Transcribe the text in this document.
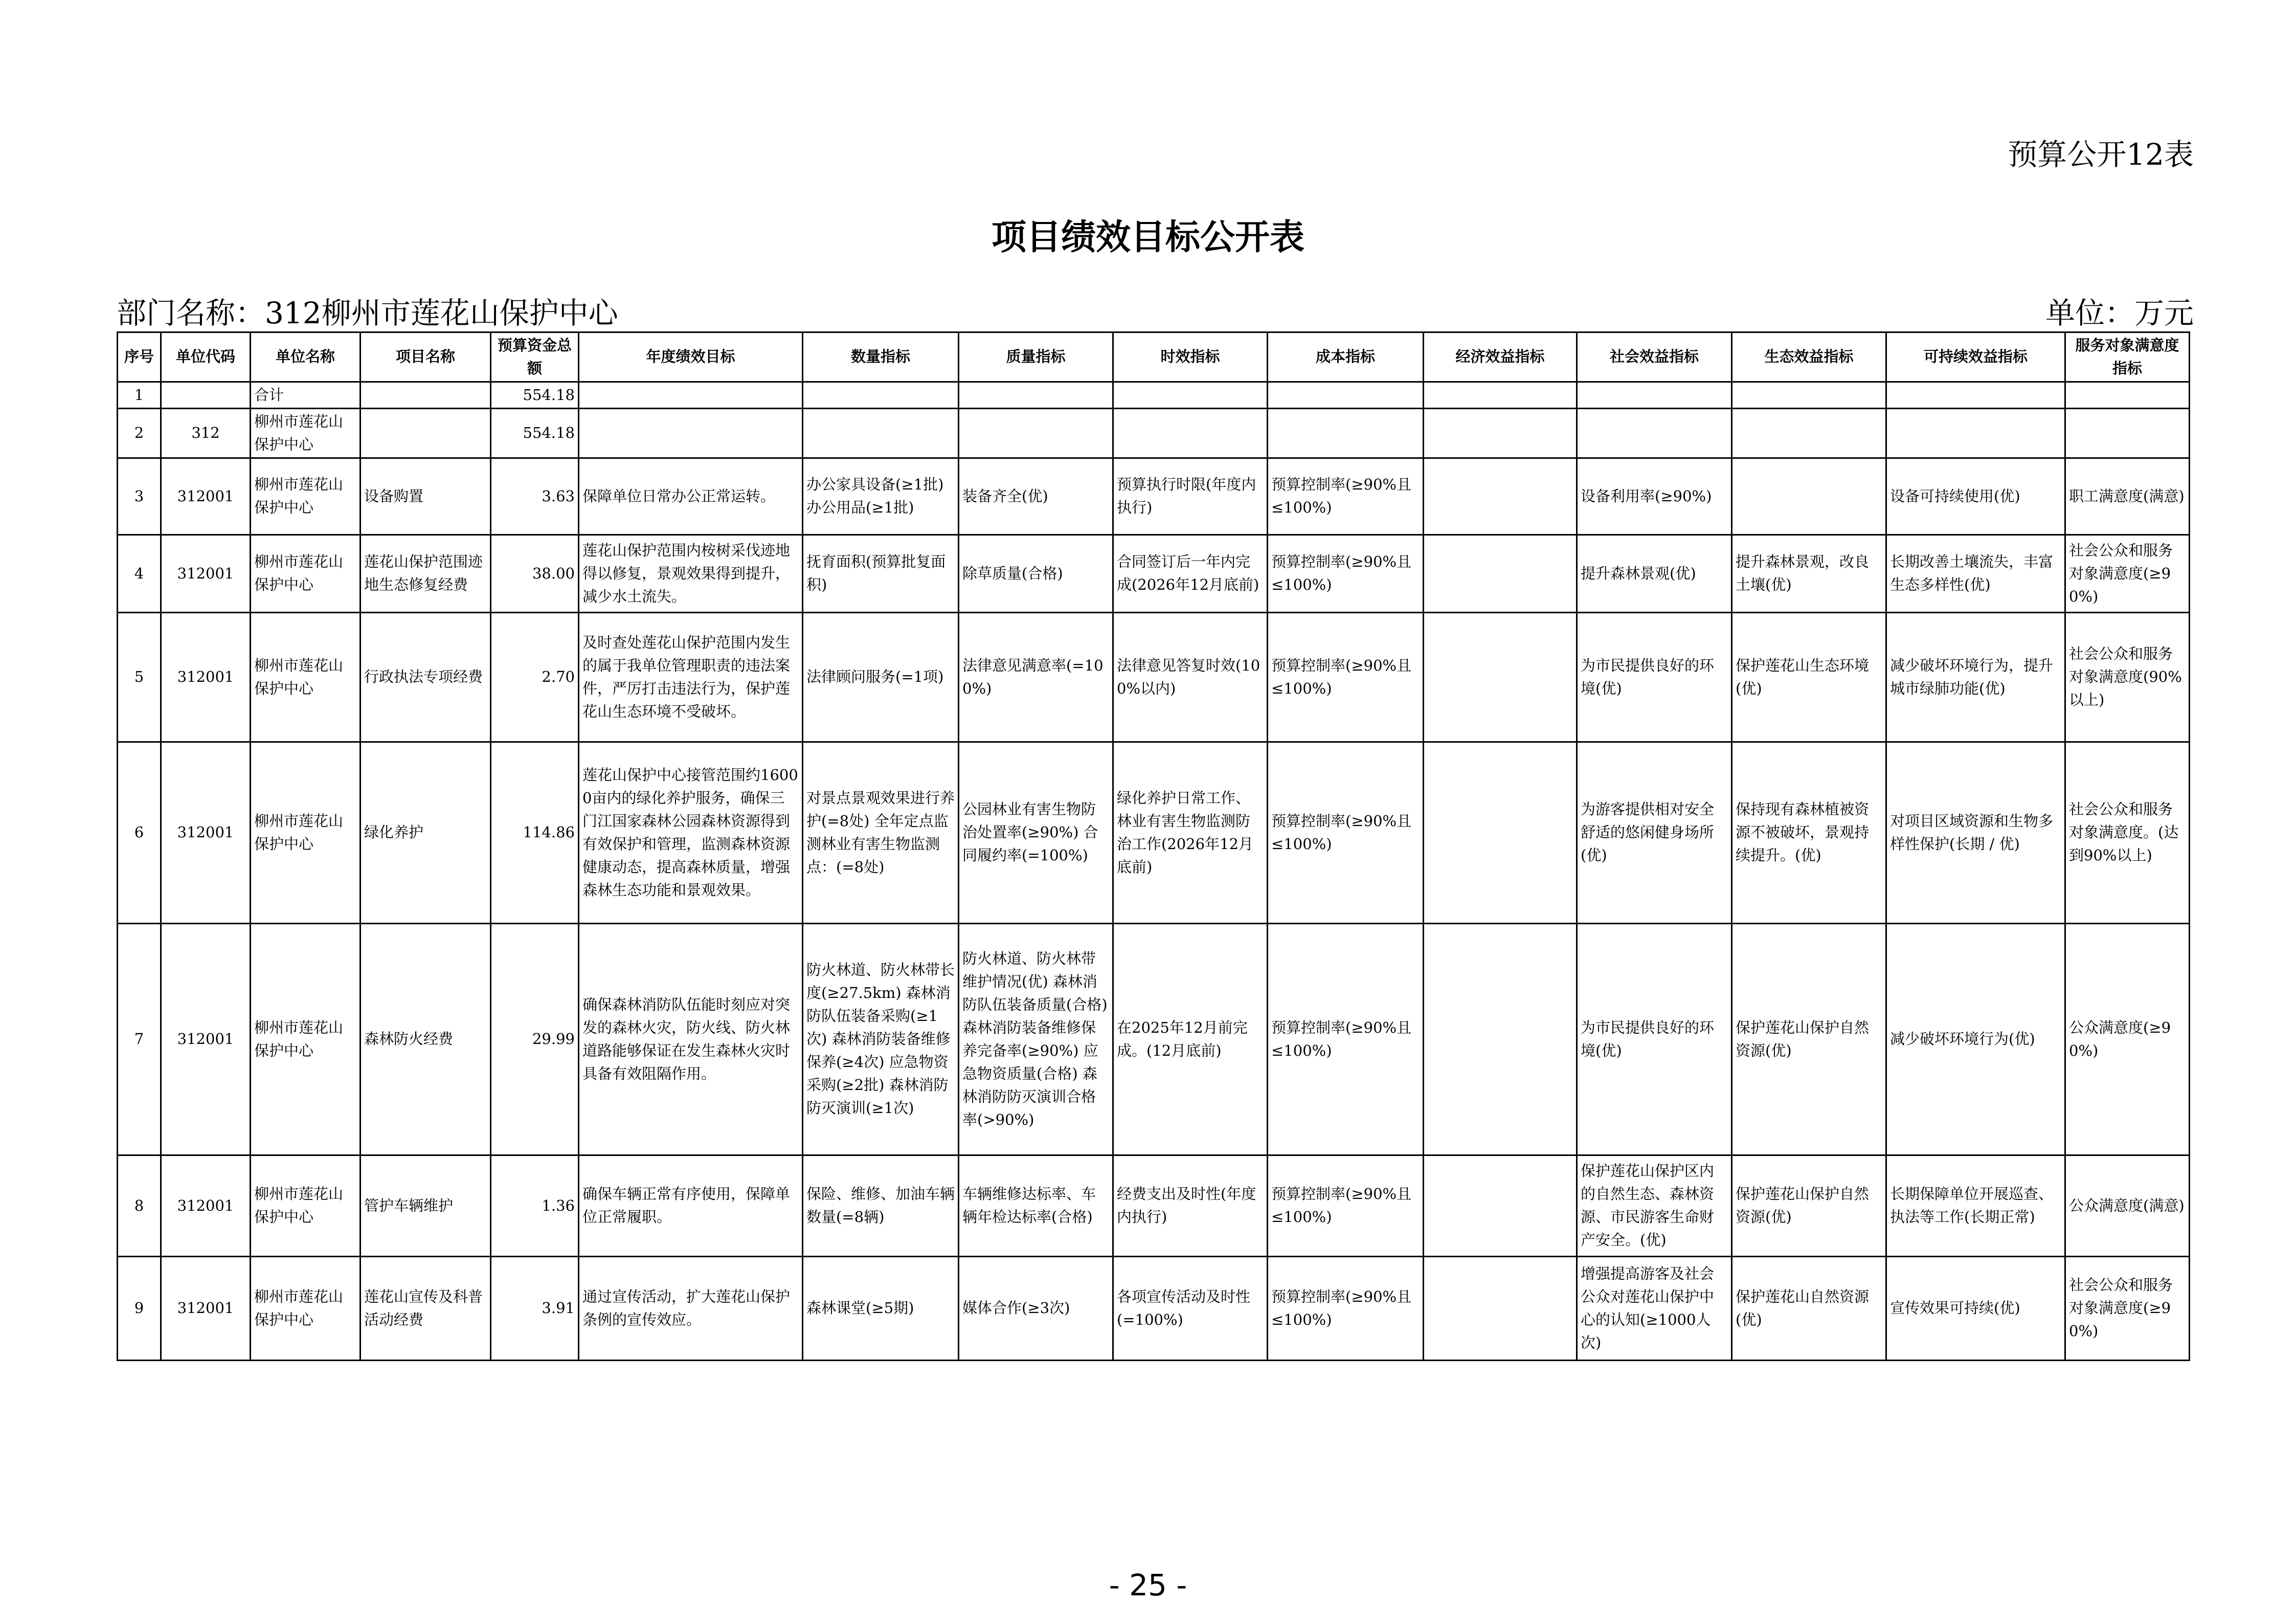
预算公开12表
项目绩效目标公开表
部门名称：312柳州市莲花山保护中心	单位：万元
序号	单位代码	单位名称	项目名称	预算资金总额	年度绩效目标	数量指标	质量指标	时效指标	成本指标	经济效益指标	社会效益指标	生态效益指标	可持续效益指标	服务对象满意度指标
1		合计		554.18										
2	312	柳州市莲花山保护中心		554.18										
3	312001	柳州市莲花山保护中心	设备购置	3.63	保障单位日常办公正常运转。	办公家具设备(≥1批) 办公用品(≥1批)	装备齐全(优)	预算执行时限(年度内执行)	预算控制率(≥90%且≤100%)		设备利用率(≥90%)		设备可持续使用(优)	职工满意度(满意)
4	312001	柳州市莲花山保护中心	莲花山保护范围迹地生态修复经费	38.00	莲花山保护范围内桉树采伐迹地得以修复，景观效果得到提升，减少水土流失。	抚育面积(预算批复面积)	除草质量(合格)	合同签订后一年内完成(2026年12月底前)	预算控制率(≥90%且≤100%)		提升森林景观(优)	提升森林景观，改良土壤(优)	长期改善土壤流失，丰富生态多样性(优)	社会公众和服务对象满意度(≥90%)
5	312001	柳州市莲花山保护中心	行政执法专项经费	2.70	及时查处莲花山保护范围内发生的属于我单位管理职责的违法案件，严厉打击违法行为，保护莲花山生态环境不受破坏。	法律顾问服务(=1项)	法律意见满意率(=100%)	法律意见答复时效(100%以内)	预算控制率(≥90%且≤100%)		为市民提供良好的环境(优)	保护莲花山生态环境(优)	减少破坏环境行为，提升城市绿肺功能(优)	社会公众和服务对象满意度(90%以上)
6	312001	柳州市莲花山保护中心	绿化养护	114.86	莲花山保护中心接管范围约16000亩内的绿化养护服务，确保三门江国家森林公园森林资源得到有效保护和管理，监测森林资源健康动态，提高森林质量，增强森林生态功能和景观效果。	对景点景观效果进行养护(=8处) 全年定点监测林业有害生物监测点：(=8处)	公园林业有害生物防治处置率(≥90%) 合同履约率(=100%)	绿化养护日常工作、林业有害生物监测防治工作(2026年12月底前)	预算控制率(≥90%且≤100%)		为游客提供相对安全舒适的悠闲健身场所(优)	保持现有森林植被资源不被破坏，景观持续提升。(优)	对项目区域资源和生物多样性保护(长期 / 优)	社会公众和服务对象满意度。(达到90%以上)
7	312001	柳州市莲花山保护中心	森林防火经费	29.99	确保森林消防队伍能时刻应对突发的森林火灾，防火线、防火林道路能够保证在发生森林火灾时具备有效阻隔作用。	防火林道、防火林带长度(≥27.5km) 森林消防队伍装备采购(≥1次) 森林消防装备维修保养(≥4次) 应急物资采购(≥2批) 森林消防防灭演训(≥1次)	防火林道、防火林带维护情况(优) 森林消防队伍装备质量(合格) 森林消防装备维修保养完备率(≥90%) 应急物资质量(合格) 森林消防防灭演训合格率(>90%)	在2025年12月前完成。(12月底前)	预算控制率(≥90%且≤100%)		为市民提供良好的环境(优)	保护莲花山保护自然资源(优)	减少破坏环境行为(优)	公众满意度(≥90%)
8	312001	柳州市莲花山保护中心	管护车辆维护	1.36	确保车辆正常有序使用，保障单位正常履职。	保险、维修、加油车辆数量(=8辆)	车辆维修达标率、车辆年检达标率(合格)	经费支出及时性(年度内执行)	预算控制率(≥90%且≤100%)		保护莲花山保护区内的自然生态、森林资源、市民游客生命财产安全。(优)	保护莲花山保护自然资源(优)	长期保障单位开展巡查、执法等工作(长期正常)	公众满意度(满意)
9	312001	柳州市莲花山保护中心	莲花山宣传及科普活动经费	3.91	通过宣传活动，扩大莲花山保护条例的宣传效应。	森林课堂(≥5期)	媒体合作(≥3次)	各项宣传活动及时性(=100%)	预算控制率(≥90%且≤100%)		增强提高游客及社会公众对莲花山保护中心的认知(≥1000人次)	保护莲花山自然资源(优)	宣传效果可持续(优)	社会公众和服务对象满意度(≥90%)
- 25 -
